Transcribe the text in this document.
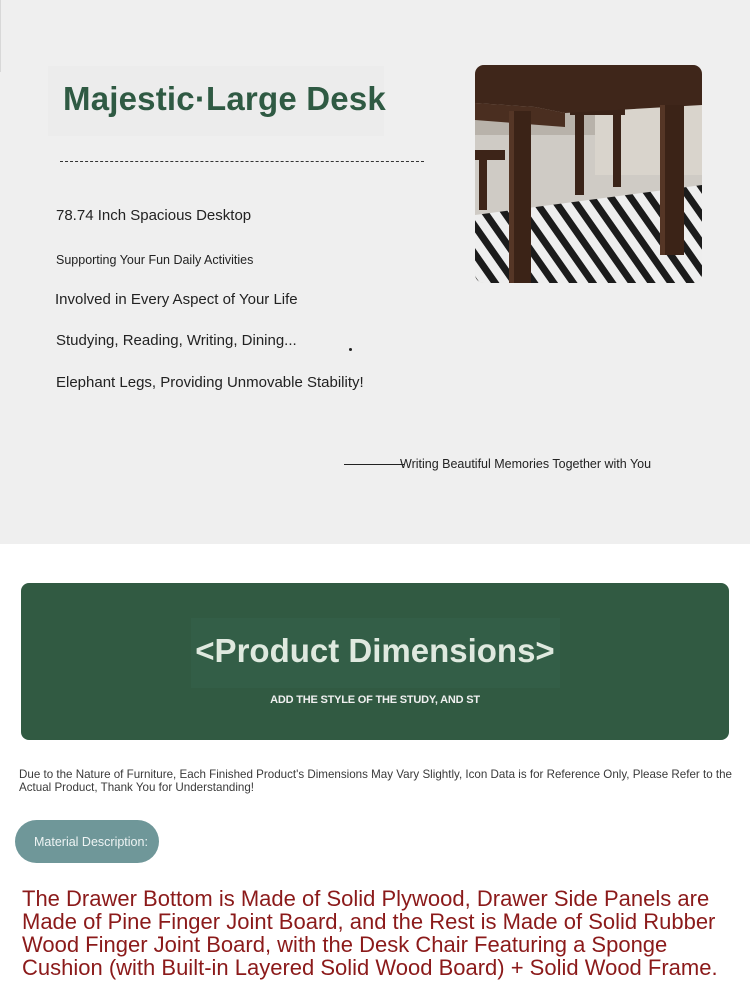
Majestic·Large Desk

78.74 Inch Spacious Desktop

Supporting Your Fun Daily Activities

Involved in Every Aspect of Your Life

Studying, Reading, Writing, Dining...

Elephant Legs, Providing Unmovable Stability!

Writing Beautiful Memories Together with You

<Product Dimensions>

ADD THE STYLE OF THE STUDY, AND ST

Due to the Nature of Furniture, Each Finished Product's Dimensions May Vary Slightly, Icon Data is for Reference Only, Please Refer to the Actual Product, Thank You for Understanding!

Material Description:

The Drawer Bottom is Made of Solid Plywood, Drawer Side Panels are Made of Pine Finger Joint Board, and the Rest is Made of Solid Rubber Wood Finger Joint Board, with the Desk Chair Featuring a Sponge Cushion (with Built-in Layered Solid Wood Board) + Solid Wood Frame.
